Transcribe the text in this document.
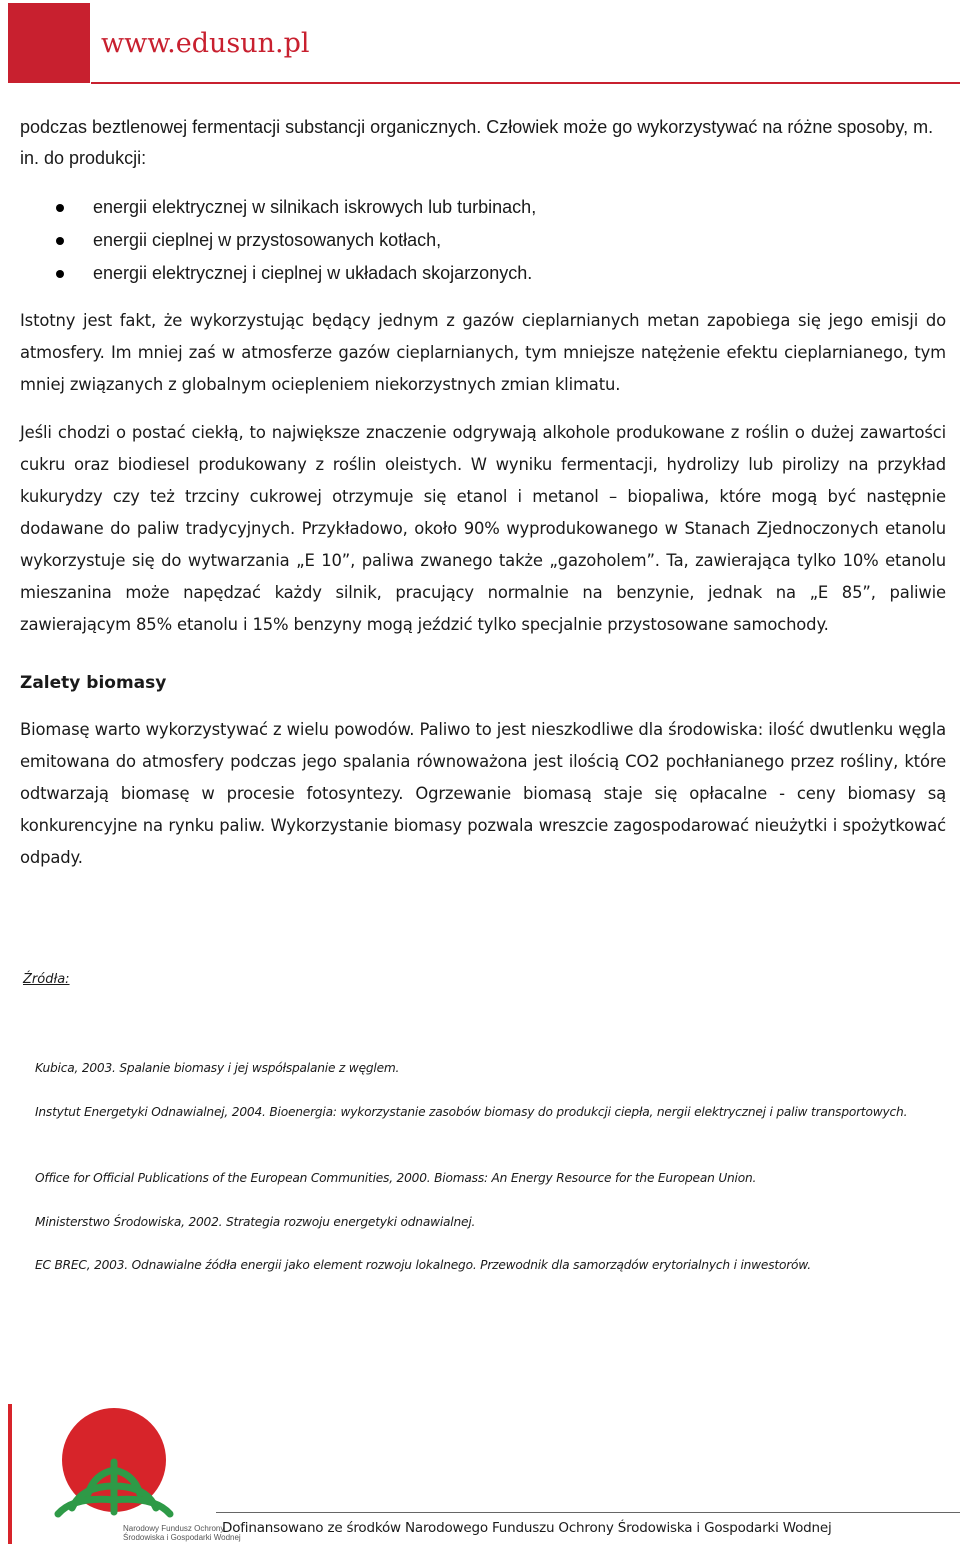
www.edusun.pl

podczas beztlenowej fermentacji substancji organicznych. Człowiek może go wykorzystywać na różne sposoby, m. in. do produkcji:

energii elektrycznej w silnikach iskrowych lub turbinach,
energii cieplnej w przystosowanych kotłach,
energii elektrycznej i cieplnej w układach skojarzonych.

Istotny jest fakt, że wykorzystując będący jednym z gazów cieplarnianych metan zapobiega się jego emisji do atmosfery. Im mniej zaś w atmosferze gazów cieplarnianych, tym mniejsze natężenie efektu cieplarnianego, tym mniej związanych z globalnym ociepleniem niekorzystnych zmian klimatu.

Jeśli chodzi o postać ciekłą, to największe znaczenie odgrywają alkohole produkowane z roślin o dużej zawartości cukru oraz biodiesel produkowany z roślin oleistych. W wyniku fermentacji, hydrolizy lub pirolizy na przykład kukurydzy czy też trzciny cukrowej otrzymuje się etanol i metanol – biopaliwa, które mogą być następnie dodawane do paliw tradycyjnych. Przykładowo, około 90% wyprodukowanego w Stanach Zjednoczonych etanolu wykorzystuje się do wytwarzania „E 10”, paliwa zwanego także „gazoholem”. Ta, zawierająca tylko 10% etanolu mieszanina może napędzać każdy silnik, pracujący normalnie na benzynie, jednak na „E 85”, paliwie zawierającym 85% etanolu i 15% benzyny mogą jeździć tylko specjalnie przystosowane samochody.

Zalety biomasy

Biomasę warto wykorzystywać z wielu powodów. Paliwo to jest nieszkodliwe dla środowiska: ilość dwutlenku węgla emitowana do atmosfery podczas jego spalania równoważona jest ilością CO2 pochłanianego przez rośliny, które odtwarzają biomasę w procesie fotosyntezy. Ogrzewanie biomasą staje się opłacalne - ceny biomasy są konkurencyjne na rynku paliw. Wykorzystanie biomasy pozwala wreszcie zagospodarować nieużytki i spożytkować odpady.

Źródła:

Kubica, 2003. Spalanie biomasy i jej współspalanie z węglem.

Instytut Energetyki Odnawialnej, 2004. Bioenergia: wykorzystanie zasobów biomasy do produkcji ciepła, nergii elektrycznej i paliw transportowych.

Office for Official Publications of the European Communities, 2000. Biomass: An Energy Resource for the European Union.

Ministerstwo Środowiska, 2002. Strategia rozwoju energetyki odnawialnej.

EC BREC, 2003. Odnawialne źódła energii jako element rozwoju lokalnego. Przewodnik dla samorządów erytorialnych i inwestorów.

Narodowy Fundusz Ochrony
Środowiska i Gospodarki Wodnej
Dofinansowano ze środków Narodowego Funduszu Ochrony Środowiska i Gospodarki Wodnej
